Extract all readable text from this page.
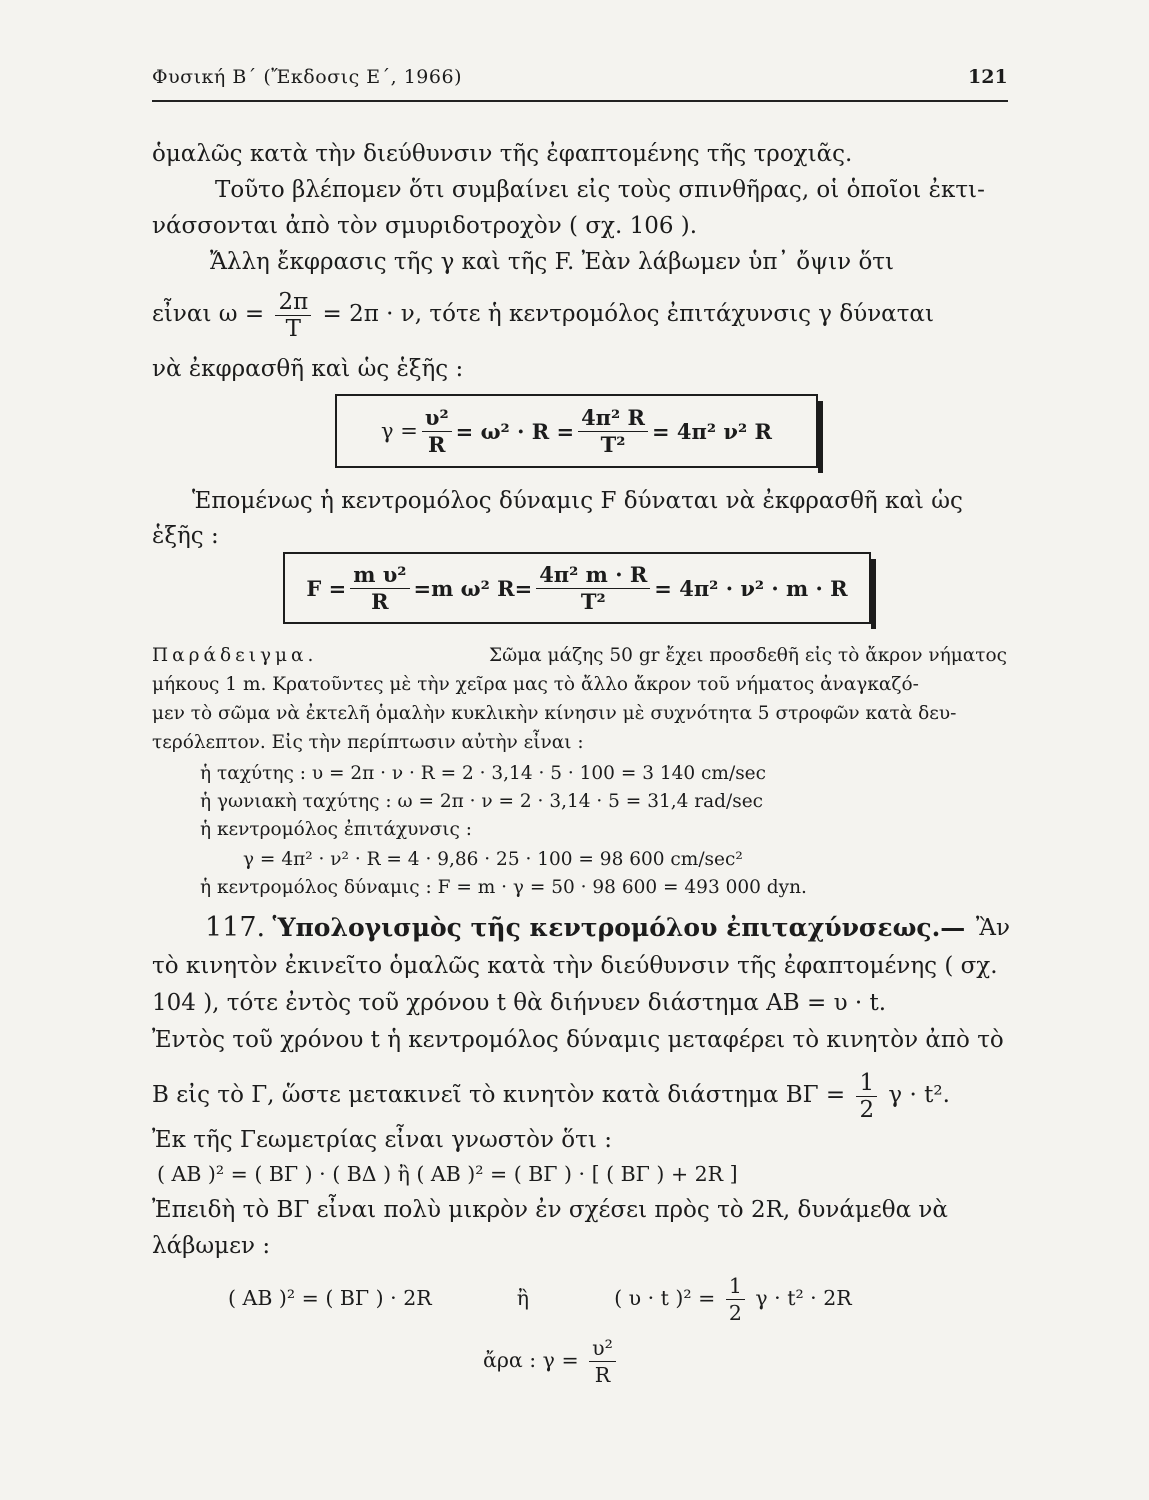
Φυσική Β΄ (Ἔκδοσις Ε΄, 1966)	121
ὁμαλῶς κατὰ τὴν διεύθυνσιν τῆς ἐφαπτομένης τῆς τροχιᾶς.
Τοῦτο βλέπομεν ὅτι συμβαίνει εἰς τοὺς σπινθῆρας, οἱ ὁποῖοι ἐκτι-
νάσσονται ἀπὸ τὸν σμυριδοτροχὸν ( σχ. 106 ).
Ἄλλη ἔκφρασις τῆς γ καὶ τῆς F. Ἐὰν λάβωμεν ὑπ᾿ ὄψιν ὅτι
εἶναι $\omega = \frac{2\pi}{T} = 2\pi \cdot \nu$, τότε ἡ κεντρομόλος ἐπιτάχυνσις γ δύναται
νὰ ἐκφρασθῆ καὶ ὡς ἑξῆς :
$\gamma = \frac{\text{υ²}}{R} = \omega^2 \cdot R = \frac{\text{4π² R}}{\text{T²}} = 4\pi^2$ ν² R
Ἑπομένως ἡ κεντρομόλος δύναμις F δύναται νὰ ἐκφρασθῆ καὶ ὡς
ἑξῆς :
$F = \frac{\text{m υ²}}{R} =m$ ω² $R= \frac{\text{4π² m · R}}{\text{T²}} = 4\pi^2 \cdot \nu^2 \cdot m \cdot R$
Παράδειγμα.	Σῶμα μάζης 50 gr ἔχει προσδεθῆ εἰς τὸ ἄκρον νήματος
μήκους 1 m. Κρατοῦντες μὲ τὴν χεῖρα μας τὸ ἄλλο ἄκρον τοῦ νήματος ἀναγκαζό-
μεν τὸ σῶμα νὰ ἐκτελῆ ὁμαλὴν κυκλικὴν κίνησιν μὲ συχνότητα 5 στροφῶν κατὰ δευ-
τερόλεπτον. Εἰς τὴν περίπτωσιν αὐτὴν εἶναι :
ἡ ταχύτης : υ = 2π · ν · R = 2 · 3,14 · 5 · 100 = 3 140 cm/sec
ἡ γωνιακὴ ταχύτης : ω = 2π · ν = 2 · 3,14 · 5 = 31,4 rad/sec
ἡ κεντρομόλος ἐπιτάχυνσις :
γ = 4π² · ν² · R = 4 · 9,86 · 25 · 100 = 98 600 cm/sec²
ἡ κεντρομόλος δύναμις : F = m · γ = 50 · 98 600 = 493 000 dyn.
117. Ὑπολογισμὸς τῆς κεντρομόλου ἐπιταχύνσεως.— Ἂν
τὸ κινητὸν ἐκινεῖτο ὁμαλῶς κατὰ τὴν διεύθυνσιν τῆς ἐφαπτομένης ( σχ.
104 ), τότε ἐντὸς τοῦ χρόνου t θὰ διήνυεν διάστημα ΑΒ = υ · t.
Ἐντὸς τοῦ χρόνου t ἡ κεντρομόλος δύναμις μεταφέρει τὸ κινητὸν ἀπὸ τὸ
Β εἰς τὸ Γ, ὥστε μετακινεῖ τὸ κινητὸν κατὰ διάστημα $B\Gamma = \frac{1}{2}$ γ · t².
Ἐκ τῆς Γεωμετρίας εἶναι γνωστὸν ὅτι :
( ΑΒ )² = ( ΒΓ ) · ( ΒΔ ) ἢ ( ΑΒ )² = ( ΒΓ ) · [ ( ΒΓ ) + 2R ]
Ἐπειδὴ τὸ ΒΓ εἶναι πολὺ μικρὸν ἐν σχέσει πρὸς τὸ 2R, δυνάμεθα νὰ
λάβωμεν :
( ΑΒ )² = ( ΒΓ ) · 2R	ἢ	( υ · t )$^2 = \frac{1}{2}$ γ · t² · 2R
ἄρα : $\gamma = \frac{\text{υ²}}{R}$
